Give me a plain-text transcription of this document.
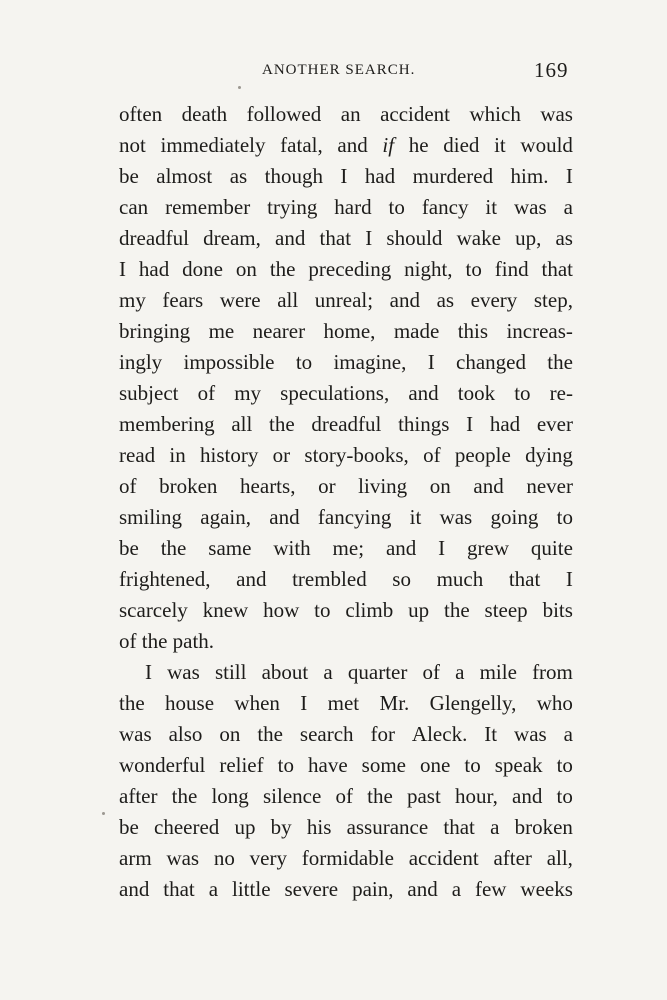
ANOTHER SEARCH.	169
often death followed an accident which was
not immediately fatal, and if he died it would
be almost as though I had murdered him. I
can remember trying hard to fancy it was a
dreadful dream, and that I should wake up, as
I had done on the preceding night, to find that
my fears were all unreal; and as every step,
bringing me nearer home, made this increas-
ingly impossible to imagine, I changed the
subject of my speculations, and took to re-
membering all the dreadful things I had ever
read in history or story-books, of people dying
of broken hearts, or living on and never
smiling again, and fancying it was going to
be the same with me; and I grew quite
frightened, and trembled so much that I
scarcely knew how to climb up the steep bits
of the path.
I was still about a quarter of a mile from
the house when I met Mr. Glengelly, who
was also on the search for Aleck. It was a
wonderful relief to have some one to speak to
after the long silence of the past hour, and to
be cheered up by his assurance that a broken
arm was no very formidable accident after all,
and that a little severe pain, and a few weeks
